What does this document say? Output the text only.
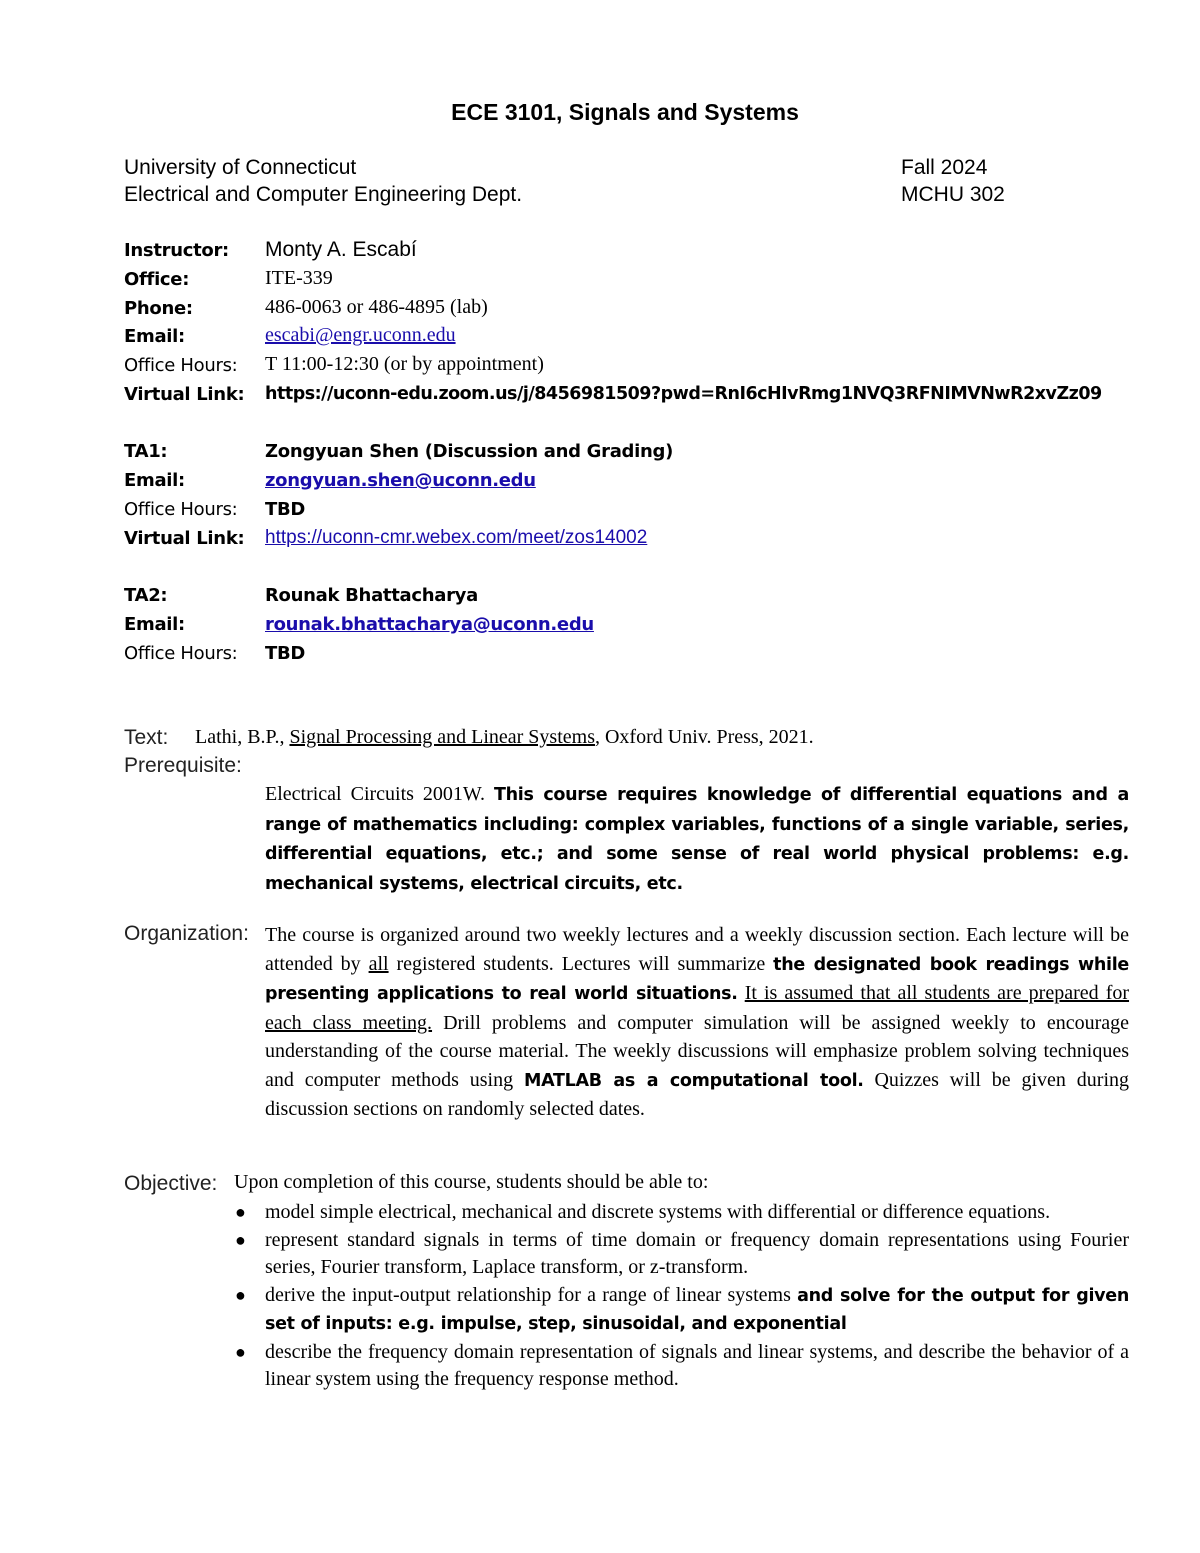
ECE 3101, Signals and Systems
University of Connecticut
Electrical and Computer Engineering Dept.
Fall 2024
MCHU 302
Instructor: Monty A. Escabí
Office:	ITE-339
Phone:	486-0063 or 486-4895 (lab)
Email:	escabi@engr.uconn.edu
Office Hours: T 11:00-12:30 (or by appointment)
Virtual Link: https://uconn-edu.zoom.us/j/8456981509?pwd=RnI6cHIvRmg1NVQ3RFNIMVNwR2xvZz09
TA1:	Zongyuan Shen (Discussion and Grading)
Email:	zongyuan.shen@uconn.edu
Office Hours: TBD
Virtual Link: https://uconn-cmr.webex.com/meet/zos14002
TA2:	Rounak Bhattacharya
Email:	rounak.bhattacharya@uconn.edu
Office Hours: TBD
Text: Lathi, B.P., Signal Processing and Linear Systems, Oxford Univ. Press, 2021.
Prerequisite:
Electrical Circuits 2001W. This course requires knowledge of differential equations and a range of mathematics including: complex variables, functions of a single variable, series, differential equations, etc.; and some sense of real world physical problems: e.g. mechanical systems, electrical circuits, etc.
Organization: The course is organized around two weekly lectures and a weekly discussion section. Each lecture will be attended by all registered students. Lectures will summarize the designated book readings while presenting applications to real world situations. It is assumed that all students are prepared for each class meeting. Drill problems and computer simulation will be assigned weekly to encourage understanding of the course material. The weekly discussions will emphasize problem solving techniques and computer methods using MATLAB as a computational tool. Quizzes will be given during discussion sections on randomly selected dates.
Objective: Upon completion of this course, students should be able to:
● model simple electrical, mechanical and discrete systems with differential or difference equations.
● represent standard signals in terms of time domain or frequency domain representations using Fourier series, Fourier transform, Laplace transform, or z-transform.
● derive the input-output relationship for a range of linear systems and solve for the output for given set of inputs: e.g. impulse, step, sinusoidal, and exponential
● describe the frequency domain representation of signals and linear systems, and describe the behavior of a linear system using the frequency response method.
